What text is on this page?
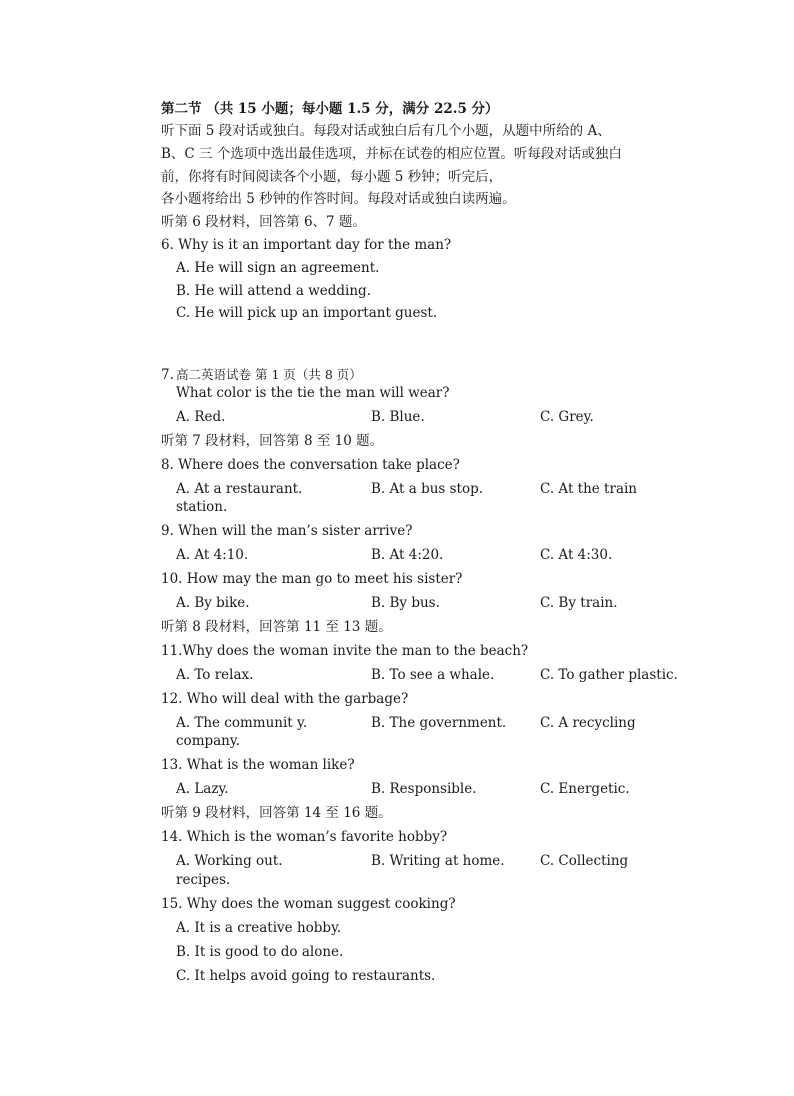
第二节 （共 15 小题；每小题 1.5 分，满分 22.5 分）
听下面 5 段对话或独白。每段对话或独白后有几个小题，从题中所给的 A、
B、C 三 个选项中选出最佳选项，并标在试卷的相应位置。听每段对话或独白
前，你将有时间阅读各个小题，每小题 5 秒钟；听完后，
各小题将给出 5 秒钟的作答时间。每段对话或独白读两遍。
听第 6 段材料，回答第 6、7 题。
6. Why is it an important day for the man?
A. He will sign an agreement.
B. He will attend a wedding.
C. He will pick up an important guest.
7. 高二英语试卷 第 1 页（共 8 页）
What color is the tie the man will wear?
A. Red.	B. Blue.	C. Grey.
听第 7 段材料，回答第 8 至 10 题。
8. Where does the conversation take place?
A. At a restaurant.	B. At a bus stop.	C. At the train
station.
9. When will the man’s sister arrive?
A. At 4:10.	B. At 4:20.	C. At 4:30.
10. How may the man go to meet his sister?
A. By bike.	B. By bus.	C. By train.
听第 8 段材料，回答第 11 至 13 题。
11.Why does the woman invite the man to the beach?
A. To relax.	B. To see a whale.	C. To gather plastic.
12. Who will deal with the garbage?
A. The communit y.	B. The government.	C. A recycling
company.
13. What is the woman like?
A. Lazy.	B. Responsible.	C. Energetic.
听第 9 段材料，回答第 14 至 16 题。
14. Which is the woman’s favorite hobby?
A. Working out.	B. Writing at home.	C. Collecting
recipes.
15. Why does the woman suggest cooking?
A. It is a creative hobby.
B. It is good to do alone.
C. It helps avoid going to restaurants.
